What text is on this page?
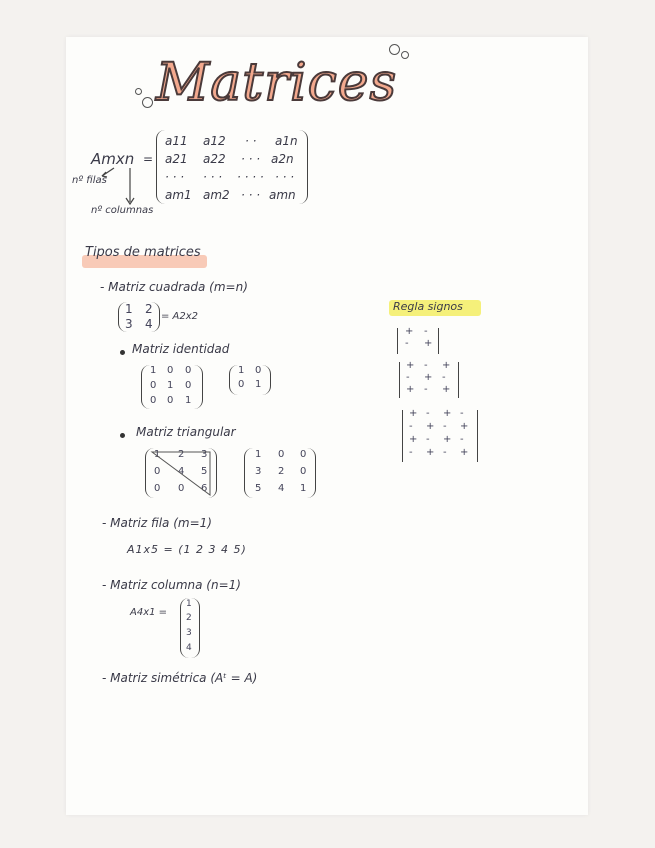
Matrices
Amxn =
a11 a12 · · a1n
a21 a22 · · · a2n
· · · · · · · · · · · · ·
am1 am2 · · · amn
nº filas
nº columnas
Tipos de matrices
- Matriz cuadrada (m=n)
1 2
3 4
= A2x2
Matriz identidad
1 0 0
0 1 0
0 0 1
1 0
0 1
Matriz triangular
1 2 3
0 4 5
0 0 6
1 0 0
3 2 0
5 4 1
- Matriz fila (m=1)
A1x5 = (1 2 3 4 5)
- Matriz columna (n=1)
A4x1 =
1
2
3
4
- Matriz simétrica (Aᵗ = A)
Regla signos
+ -
- +
+ - +
- + -
+ - +
+ - + -
- + - +
+ - + -
- + - +
